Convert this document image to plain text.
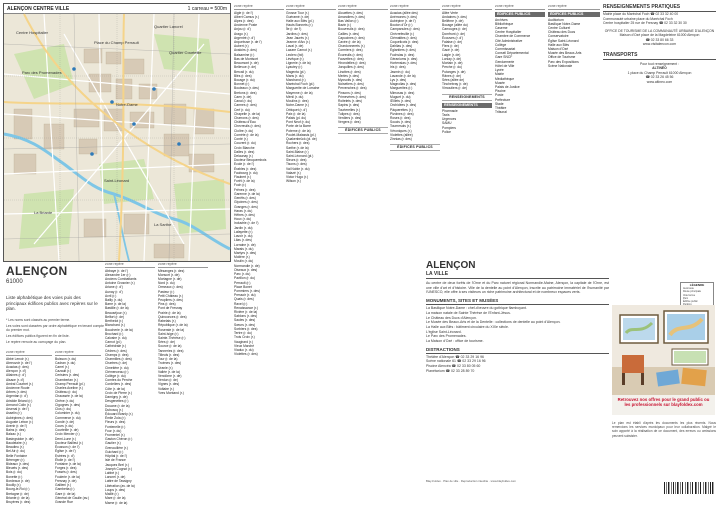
ALENÇON CENTRE VILLE	1 carreau = 500m
Centre Hospitalier
Quartier Lancrel
Parc des Promenades
Quartier Courteille
La Briante
La Sarthe
Place du Champ Perrault
Saint-Léonard
Notre-Dame
ALENÇON
61000
Liste alphabétique des voies puis des principaux édifices publics avec repères sur le plan.
* Les noms sont classés au premier terme.
Les voies sont classées par ordre alphabétique en tenant compte du premier mot.
Les édifices publics figurent en fin de liste.
Le repère renvoie au carroyage du plan.
zone repère
Abbé Lenoir (r.)
Abreuvoir (r. de l')
Acacias (r. des)
Alençon (r. d')
Allaines (r. d')
Alsace (r. d')
Amiral Courbet (r.)
Ancienne Route
Arbres (r. des)
Argentan (r. d')
Aristide Briand (r.)
Armand Colin (r.)
Arsenal (r. de l')
Asselin (r.)
Aubépines (r. des)
Auguste Lebon (r.)
Avenir (r. de l')
Bains (r. des)
Balzac (r.)
Basingstoke (r. de)
Baudelaire (r.)
Beaulieu (r.)
Bel Air (r. du)
Belle Fontaine
Bérenger (r.)
Bideaux (r. des)
Bleuets (r. des)
Bois (r. du)
Bonette (r.)
Bordeaux (r. de)
Bouilly (r.)
Bourg-le-Roi (r.)
Bretagne (r. de)
Briante (r. de la)
Bruyères (r. des)
zone repère
Buisson (r. du)
Cadran (r. du)
Carrel (r.)
Cazault (r.)
Cerisiers (r. des)
Chamberlan (r.)
Champ Perrault (pl.)
Charles Aveline (r.)
Château (r. du)
Chaussée (r. de la)
Chêne (r. du)
Cigognes (r. des)
Clos (r. du)
Colombier (r. du)
Commerce (r. du)
Condé (r. de)
Cours (r. du)
Courteille (r. de)
Croix Mercier (r.)
Demi-Lune (r.)
Docteur Bailleul (r.)
Écusson (r. de l')
Église (r. de l')
Estrées (r. d')
Étoile (r. de l')
Fontaine (r. de la)
Forges (r. des)
Fossés (r. des)
Foulerie (r. de la)
Fresnay (r. de)
Gallieni (r.)
Gambetta (r.)
Gare (r. de la)
Général de Gaulle (av.)
Grande Rue
zone repère
Abbaye (r. de l')
Alexandre 1er (r.)
Anciens Combattants
Antoine Grosnier (r.)
Ariane (r. d')
Aunay (r. d')
Avril (r.)
Bailly (r. du)
Barre (r. de la)
Bastille (r. de la)
Beauséjour (r.)
Belfort (r. de)
Berthelot (r.)
Blanchard (r.)
Boucherie (r. de la)
Brochard (r.)
Calvaire (r. du)
Carnot (pl.)
Cathédrale (r.)
Cèdres (r. des)
Champs (r. des)
Charmilles (r. des)
Chartres (r. de)
Cimetière (r. du)
Clémenceau (r.)
Collège (r. du)
Comtes du Perche
Cordeliers (r. des)
Côte (r. de la)
Croix de Pierre (r.)
Damigny (r. de)
Desgenettes (r.)
Douane (r. de la)
Duboscq (r.)
Édouard Branly (r.)
Émile Zola (r.)
Fleurs (r. des)
Fontenelle (r.)
Four (r. du)
Fromentel (r.)
Gaston Chéron (r.)
Gautier (r.)
Grenouillère (r.)
Guichard (r.)
Hôpital (r. de l')
Isle de France
Jacques Brel (r.)
Joseph Cugnot (r.)
Labbé (r.)
Lancrel (r. de)
Lattre de Tassigny
Libération (av. de la)
Loups (r. des)
Maillé (r.)
Mare (r. de la)
Marne (r. de la)
zone repère
Mésanges (r. des)
Monsort (r. de)
Mortagne (r. de)
Nord (r. du)
Ormeaux (r. des)
Pasteur (r.)
Petit Château (r.)
Peupliers (r. des)
Pins (r. des)
Pont de Fresnay
Prairie (r. de la)
Quinconces (r. des)
Rabelais (r.)
République (r. de la)
Roseraie (r. de la)
Saint-Isige (r.)
Sainte-Thérèse (r.)
Sées (r. de)
Source (r. de la)
Tanneries (r. des)
Tilleuls (r. des)
Tour (r. de la)
Troènes (r. des)
Uranie (r.)
Vallée (r. de la)
Vendôme (r. de)
Verdun (r. de)
Vignes (r. des)
Voltaire (r.)
Yves Montand (r.)
zone repère
Aigle (r. de l')
Albert Camus (r.)
Alpes (r. des)
Ancienne Poste
Anjou (r. d')
Arago (r.)
Argentré (r. d')
Arquebuse (r. de l')
Aubert (r.)
Avaloirs (r. des)
Balsamine (r.)
Bas de Montsort
Beaumont (r. de)
Bellevue (r. de)
Bercail (r. du)
Blés (r. des)
Bocage (r. du)
Bonnet (r.)
Bouleaux (r. des)
Bretons (r. des)
Caen (r. de)
Canal (r. du)
Carmes (r. des)
Cerf (r. du)
Chapelle (r. de la)
Charrons (r. des)
Château d'Eau
Chevreuils (r. des)
Cloître (r. du)
Comète (r. de la)
Conté (r.)
Couvent (r. du)
Croix Blanche
Dalles (r. des)
Delaunay (r.)
Docteur Becquembois
Ecole (r. de l')
Érables (r. des)
Faubourg (r. du)
Flaubert (r.)
Forêt (r. de la)
Foch (r.)
Frênes (r. des)
Garenne (r. de la)
Genêts (r. des)
Glycines (r. des)
Granges (r. des)
Haras (r. du)
Hêtres (r. des)
Houx (r. du)
Industrie (r. de l')
Jardin (r. du)
Lafayette (r.)
Lavoir (r. du)
Lilas (r. des)
Lorraine (r. de)
Marais (r. du)
Martyrs (r. des)
Molière (r.)
Moulin (r. du)
Normandie (r. de)
Oiseaux (r. des)
Parc (r. du)
Pavillon (r. du)
Perrault (r.)
Place Bonet
Pommiers (r. des)
Pressoir (r. du)
Quais (r. des)
Ravel (r.)
Renaissance (r.)
Rivière (r. de la)
Sablons (r. des)
Saules (r. des)
Sœurs (r. des)
Sorbiers (r. des)
Tertre (r. du)
Trois Croix (r.)
Vaugirard (r.)
Vieux Marché
Viaduc (r. du)
Violettes (r. des)
zone repère
Grosse Tour (r.)
Guéramé (r. de)
Halle aux Blés (pl.)
Hauts Bonnets (r.)
Île (r. de l')
Jardins (r. des)
Jean Jaurès (r.)
Jeanne d'Arc (r.)
Laval (r. de)
Lazare Carnot (r.)
Leclerc (bd)
Lévêque (r.)
Lignerie (r. de la)
Lyautey (r.)
Magenta (pl.)
Mans (r. du)
Marchand (r.)
Maréchal Foch (pl.)
Marguerite de Lorraine
Mayenne (r. de la)
Ménil (r. du)
Moulins (r. des)
Notre-Dame (r.)
Orbiquet (r. d')
Paix (r. de la)
Palais (pl. du)
Pont Neuf (r. du)
Porte de la Barre
Poterne (r. de la)
Poulet-Malassis (pl.)
Quakenbrück (pl. de)
Rochers (r. des)
Sarthe (r. de la)
Saint-Blaise (r.)
Saint-Léonard (pl.)
Sieurs (r. des)
Tisons (r. des)
Val Noble (r. du)
Valazé (r.)
Victor Hugo (r.)
Wilson (r.)
zone repère
Alouettes (r. des)
Amandiers (r. des)
Bas Vallon (r.)
Bazin (r.)
Bouvreuils (r. des)
Cailles (r. des)
Capucines (r. des)
Cavée (r. de la)
Chardonnerets (r.)
Cormiers (r. des)
Écureuils (r. des)
Fauvettes (r. des)
Hirondelles (r. des)
Jonquilles (r. des)
Linottes (r. des)
Merles (r. des)
Myosotis (r. des)
Noisetiers (r. des)
Pervenches (r. des)
Pinsons (r. des)
Primevères (r. des)
Roitelets (r. des)
Sapins (r. des)
Tourterelles (r.)
Tulipes (r. des)
Verdiers (r. des)
Vergers (r. des)
ÉDIFICES PUBLICS
zone repère
Acacias (allée des)
Anémones (r. des)
Aubépine (r. de l')
Bouton d'Or (r.)
Campanules (r. des)
Chèvrefeuille (r.)
Clématites (r. des)
Coquelicots (r. des)
Dahlias (r. des)
Églantiers (r. des)
Fuchsias (r. des)
Géraniums (r. des)
Hortensias (r. des)
Iris (r. des)
Jasmin (r. du)
Lavande (r. de la)
Lys (r. des)
Magnolias (r. des)
Marguerites (r.)
Mimosas (r. des)
Muguet (r. du)
Œillets (r. des)
Orchidées (r. des)
Pâquerettes (r.)
Pivoines (r. des)
Roses (r. des)
Soucis (r. des)
Tournesols (r.)
Véroniques (r.)
Violettes (allée)
Zinnias (r. des)
ÉDIFICES PUBLICS
zone repère
Allée Verte
Andaines (r. des)
Bellême (r. de)
Bocage (allée du)
Carrouges (r. de)
Domfront (r. de)
Écouves (r. d')
Falaise (r. de)
Flers (r. de)
Gacé (r. de)
Laigle (r. de)
Lonlay (r. de)
Mortain (r. de)
Perche (r. du)
Putanges (r. de)
Rânes (r. de)
Sées (allée de)
Tinchebray (r. de)
Vimoutiers (r. de)
RENSEIGNEMENTS
RENSEIGNEMENTS
Pharmacie
Taxis
Urgences
SAMU
Pompiers
Police
zone repère
ÉDIFICES PUBLICS
Archives
Bibliothèque
Caserne
Centre Hospitalier
Chambre de Commerce
Cité Administrative
Collège
Commissariat
Conseil Départemental
Gare SNCF
Gendarmerie
Hôtel de Ville
Lycée
Mairie
Médiathèque
Musée
Palais de Justice
Piscine
Poste
Préfecture
Stade
Théâtre
Tribunal
zone repère
ÉDIFICES PUBLICS
Auditorium
Basilique Notre-Dame
Centre Culturel
Château des Ducs
Conservatoire
Église Saint-Léonard
Halle aux Blés
Maison d'Ozé
Musée des Beaux-Arts
Office de Tourisme
Parc des Expositions
Scène Nationale
RENSEIGNEMENTS PRATIQUES
Mairie place du Maréchal Foch ☎ 02 33 32 40 00
Communauté urbaine place du Maréchal Foch
Centre hospitalier 25 rue de Fresnay ☎ 02 33 32 30 30
OFFICE DE TOURISME DE LA COMMUNAUTÉ URBAINE D'ALENÇON
Maison d'Ozé place de la Magdeleine 61000 Alençon
☎ 02 33 80 66 33
www.visitalencon.com
TRANSPORTS
Pour tout renseignement :
ALTINÉO
1 place du Champ Perrault 61000 Alençon
☎ 02 33 26 45 56
www.altineo.com
ALENÇON
LA VILLE
Au centre de deux forêts de l'Orne et du Parc naturel régional Normandie-Maine, Alençon, la capitale de l'Orne, est une ville d'art et d'histoire. Ville de la dentelle au point d'Alençon, inscrite au patrimoine immatériel de l'humanité par l'UNESCO, elle offre à ses visiteurs un riche patrimoine architectural et de nombreux espaces verts.
MONUMENTS, SITES ET MUSÉES
La Basilique Notre-Dame : chef-d'œuvre du gothique flamboyant.
La maison natale de Sainte Thérèse de l'Enfant-Jésus.
Le Château des Ducs d'Alençon.
Le Musée des Beaux-Arts et de la Dentelle : collections de dentelle au point d'Alençon.
La Halle aux Blés : bâtiment circulaire du XIXe siècle.
L'église Saint-Léonard.
Le Parc des Promenades.
La Maison d'Ozé : office de tourisme.
DISTRACTIONS
Théâtre d'Alençon ☎ 02 33 29 16 96
Scène nationale 61 ☎ 02 33 29 16 96
Piscine Alencéa ☎ 02 33 80 05 60
Planétarium ☎ 02 33 28 89 70
LÉGENDE
Autoroute
Route principale
Voie ferrée
Parc
Édifice public
Retrouvez nos offres pour le grand public ou les professionnels sur blayfoldex.com
Le plan est établi d'après les documents les plus récents. Nous remercions les services municipaux pour leur collaboration. Malgré le soin apporté à la réalisation de ce document, des erreurs ou omissions peuvent subsister.
Blay-Foldex · Plan de ville · Reproduction interdite · www.blayfoldex.com
